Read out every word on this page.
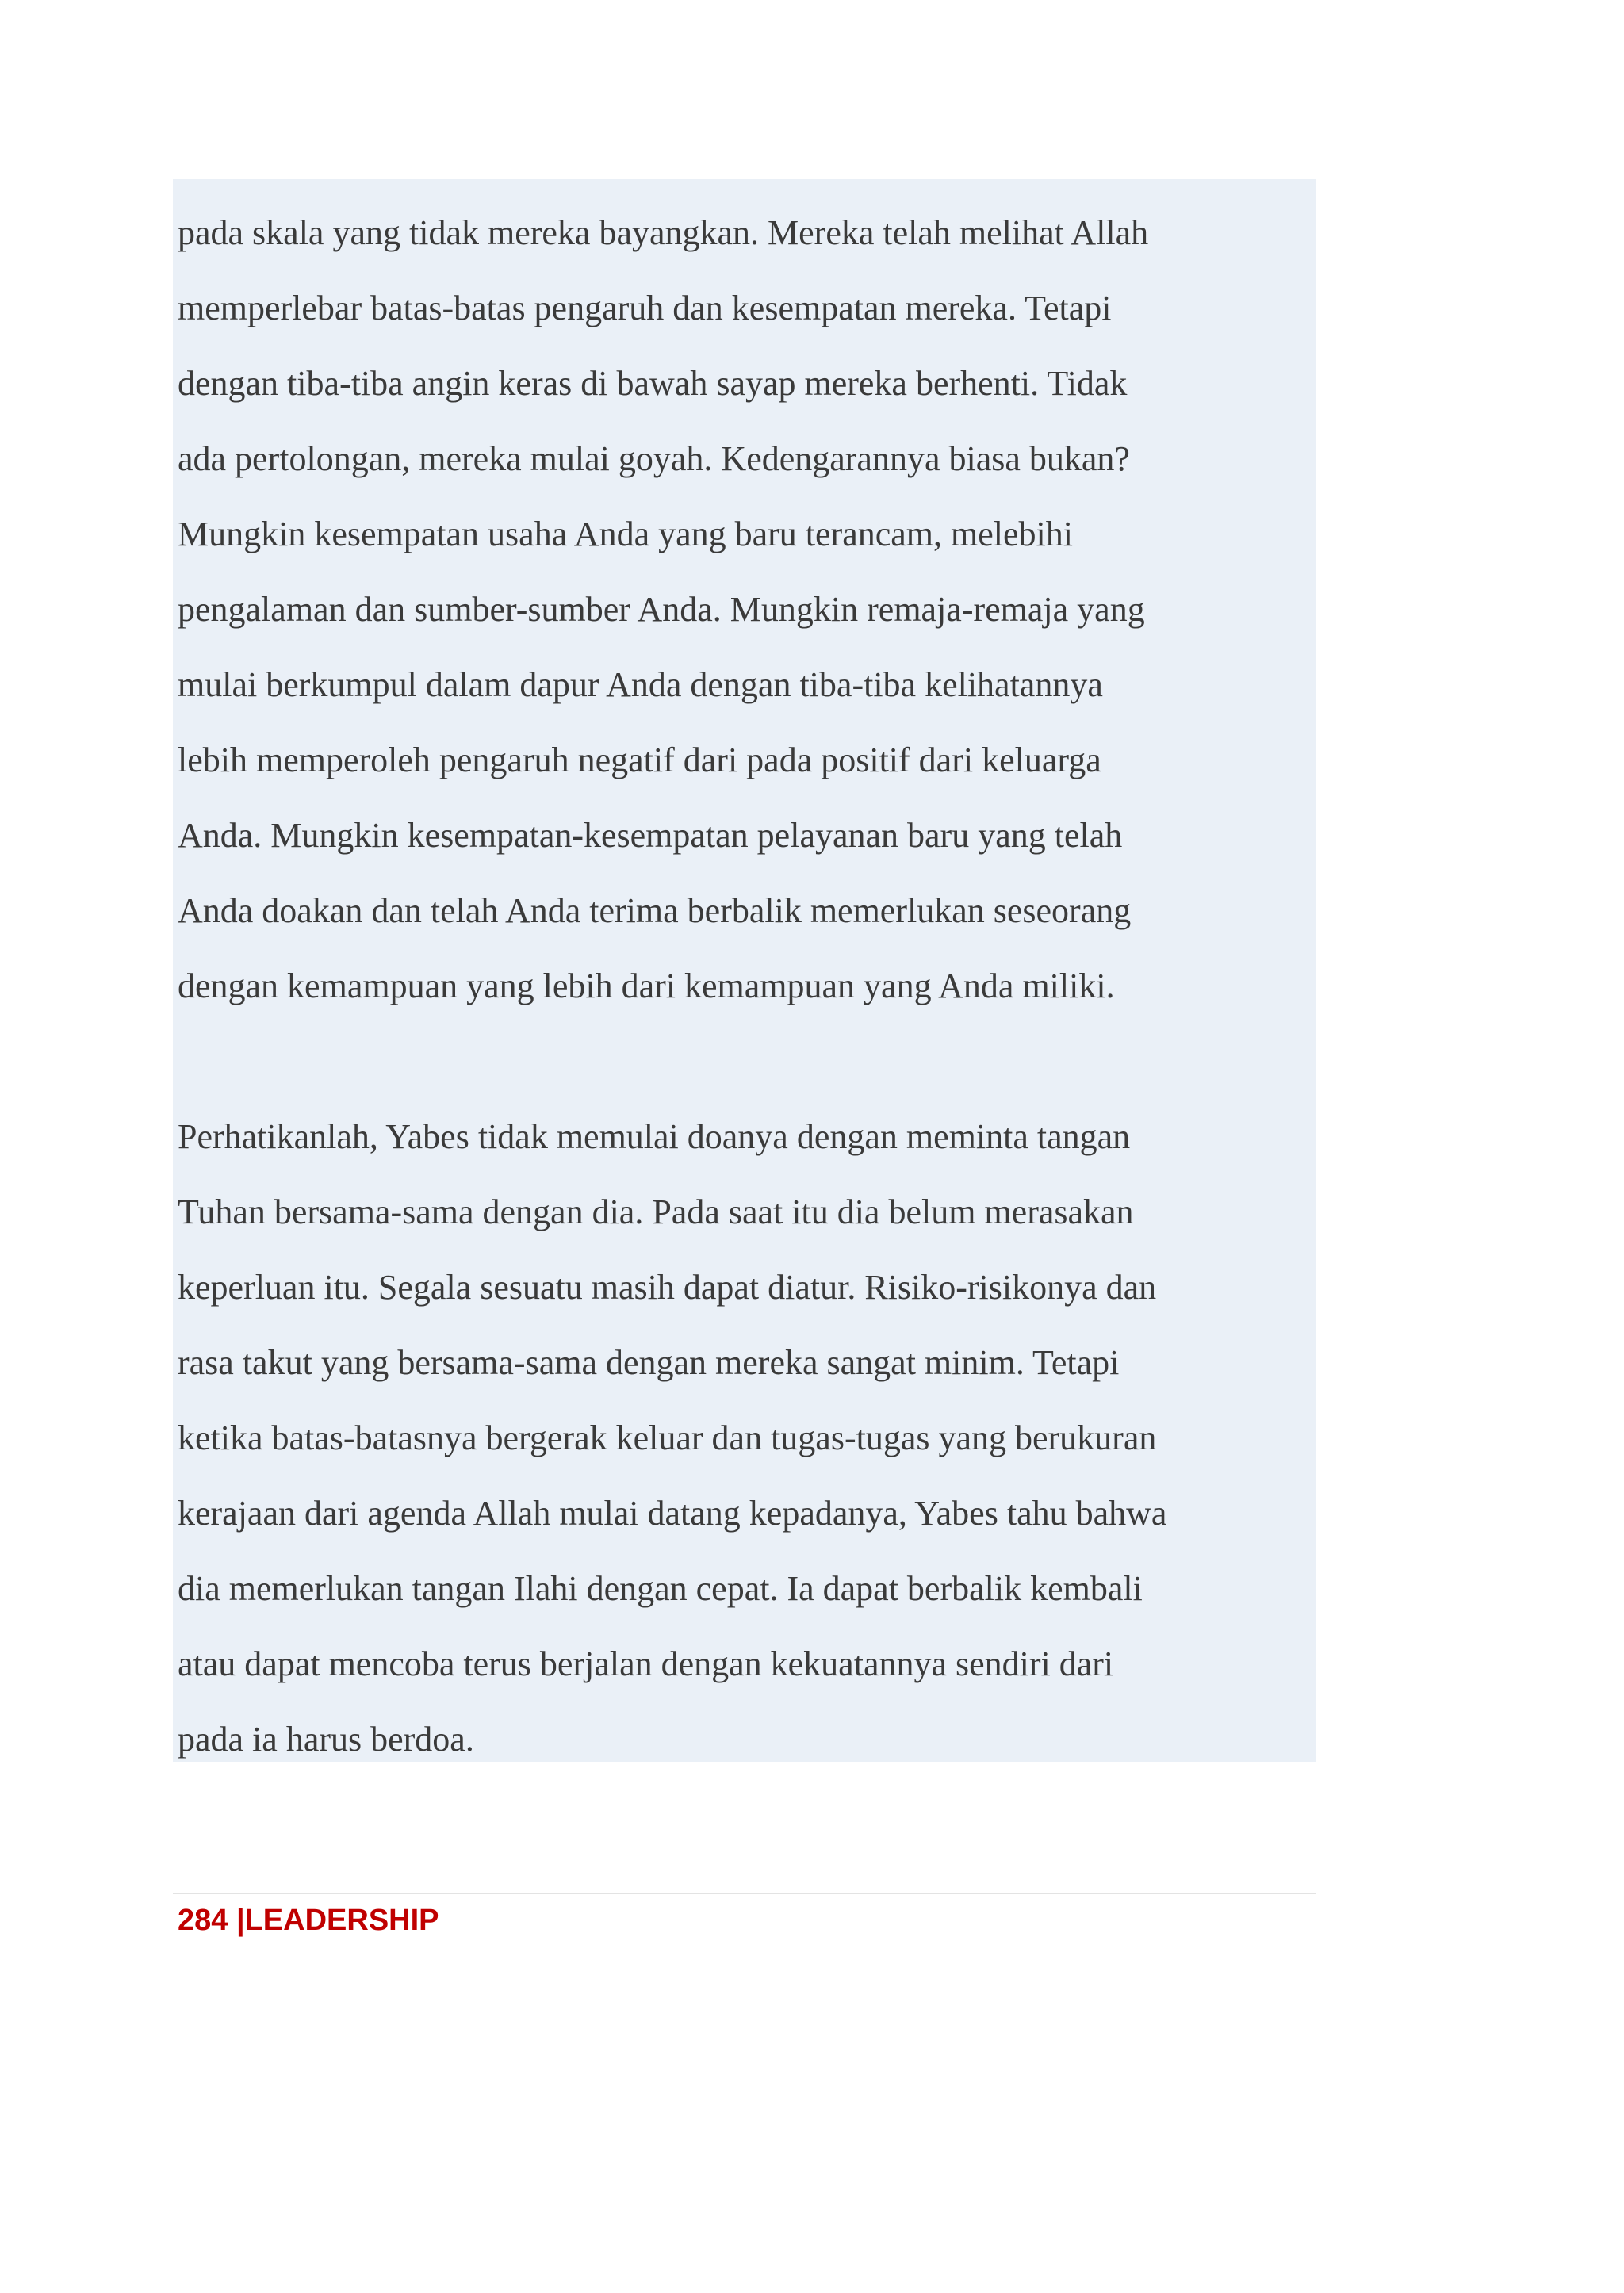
pada skala yang tidak mereka bayangkan. Mereka telah melihat Allah

memperlebar batas-batas pengaruh dan kesempatan mereka. Tetapi

dengan tiba-tiba angin keras di bawah sayap mereka berhenti. Tidak

ada pertolongan, mereka mulai goyah. Kedengarannya biasa bukan?

Mungkin kesempatan usaha Anda yang baru terancam, melebihi

pengalaman dan sumber-sumber Anda. Mungkin remaja-remaja yang

mulai berkumpul dalam dapur Anda dengan tiba-tiba kelihatannya

lebih memperoleh pengaruh negatif dari pada positif dari keluarga

Anda. Mungkin kesempatan-kesempatan pelayanan baru yang telah

Anda doakan dan telah Anda terima berbalik memerlukan seseorang

dengan kemampuan yang lebih dari kemampuan yang Anda miliki.

Perhatikanlah, Yabes tidak memulai doanya dengan meminta tangan

Tuhan bersama-sama dengan dia. Pada saat itu dia belum merasakan

keperluan itu. Segala sesuatu masih dapat diatur. Risiko-risikonya dan

rasa takut yang bersama-sama dengan mereka sangat minim. Tetapi

ketika batas-batasnya bergerak keluar dan tugas-tugas yang berukuran

kerajaan dari agenda Allah mulai datang kepadanya, Yabes tahu bahwa

dia memerlukan tangan Ilahi dengan cepat. Ia dapat berbalik kembali

atau dapat mencoba terus berjalan dengan kekuatannya sendiri dari

pada ia harus berdoa.

284 |LEADERSHIP
